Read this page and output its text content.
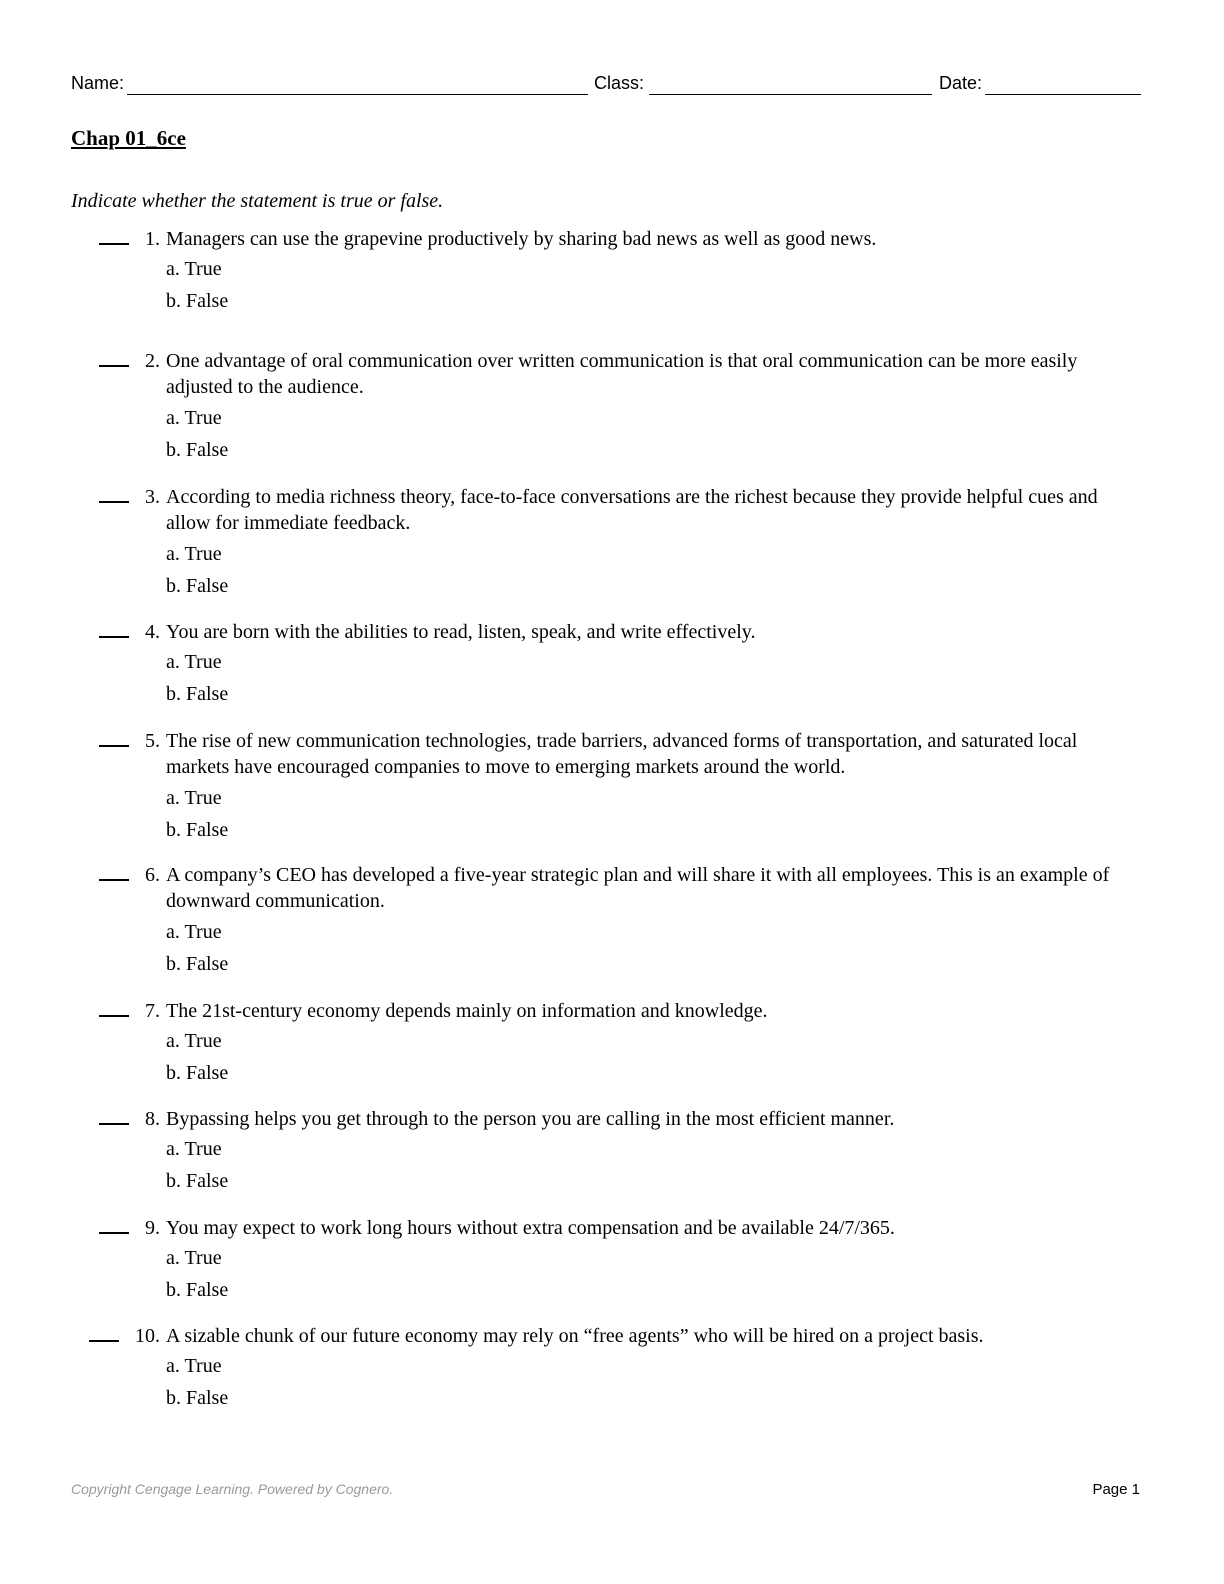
Name:	Class:	Date:
Chap 01_6ce
Indicate whether the statement is true or false.
1. Managers can use the grapevine productively by sharing bad news as well as good news.
a. True
b. False
2. One advantage of oral communication over written communication is that oral communication can be more easily adjusted to the audience.
a. True
b. False
3. According to media richness theory, face-to-face conversations are the richest because they provide helpful cues and allow for immediate feedback.
a. True
b. False
4. You are born with the abilities to read, listen, speak, and write effectively.
a. True
b. False
5. The rise of new communication technologies, trade barriers, advanced forms of transportation, and saturated local markets have encouraged companies to move to emerging markets around the world.
a. True
b. False
6. A company’s CEO has developed a five-year strategic plan and will share it with all employees. This is an example of downward communication.
a. True
b. False
7. The 21st-century economy depends mainly on information and knowledge.
a. True
b. False
8. Bypassing helps you get through to the person you are calling in the most efficient manner.
a. True
b. False
9. You may expect to work long hours without extra compensation and be available 24/7/365.
a. True
b. False
10. A sizable chunk of our future economy may rely on “free agents” who will be hired on a project basis.
a. True
b. False
Copyright Cengage Learning. Powered by Cognero.	Page 1
